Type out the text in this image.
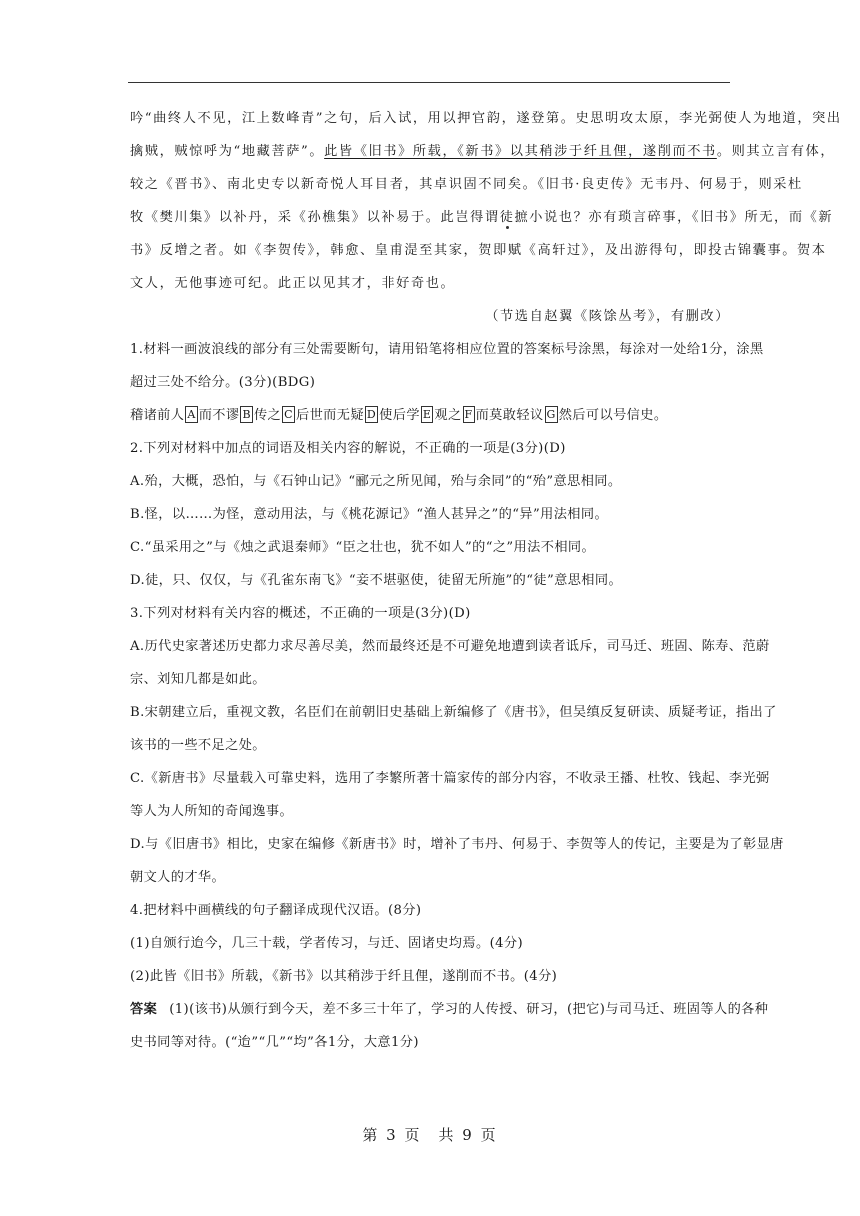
吟“曲终人不见，江上数峰青”之句，后入试，用以押官韵，遂登第。史思明攻太原，李光弼使人为地道，突出
擒贼，贼惊呼为“地藏菩萨”。此皆《旧书》所载，《新书》以其稍涉于纤且俚，遂削而不书。则其立言有体，
较之《晋书》、南北史专以新奇悦人耳目者，其卓识固不同矣。《旧书·良吏传》无韦丹、何易于，则采杜
牧《樊川集》以补丹，采《孙樵集》以补易于。此岂得谓徒摭小说也？亦有琐言碎事，《旧书》所无，而《新
书》反增之者。如《李贺传》，韩愈、皇甫湜至其家，贺即赋《高轩过》，及出游得句，即投古锦囊事。贺本
文人，无他事迹可纪。此正以见其才，非好奇也。
（节选自赵翼《陔馀丛考》，有删改）
1.材料一画波浪线的部分有三处需要断句，请用铅笔将相应位置的答案标号涂黑，每涂对一处给1分，涂黑
超过三处不给分。(3分)(BDG)
稽诸前人 A 而不谬 B 传之 C 后世而无疑 D 使后学 E 观之 F 而莫敢轻议 G 然后可以号信史。
2.下列对材料中加点的词语及相关内容的解说，不正确的一项是(3分)(D)
A.殆，大概，恐怕，与《石钟山记》“郦元之所见闻，殆与余同”的“殆”意思相同。
B.怪，以……为怪，意动用法，与《桃花源记》“渔人甚异之”的“异”用法相同。
C.“虽采用之”与《烛之武退秦师》“臣之壮也，犹不如人”的“之”用法不相同。
D.徒，只、仅仅，与《孔雀东南飞》“妾不堪驱使，徒留无所施”的“徒”意思相同。
3.下列对材料有关内容的概述，不正确的一项是(3分)(D)
A.历代史家著述历史都力求尽善尽美，然而最终还是不可避免地遭到读者诋斥，司马迁、班固、陈寿、范蔚
宗、刘知几都是如此。
B.宋朝建立后，重视文教，名臣们在前朝旧史基础上新编修了《唐书》，但吴缜反复研读、质疑考证，指出了
该书的一些不足之处。
C.《新唐书》尽量载入可靠史料，选用了李繁所著十篇家传的部分内容，不收录王播、杜牧、钱起、李光弼
等人为人所知的奇闻逸事。
D.与《旧唐书》相比，史家在编修《新唐书》时，增补了韦丹、何易于、李贺等人的传记，主要是为了彰显唐
朝文人的才华。
4.把材料中画横线的句子翻译成现代汉语。(8分)
(1)自颁行迨今，几三十载，学者传习，与迁、固诸史均焉。(4分)
(2)此皆《旧书》所载，《新书》以其稍涉于纤且俚，遂削而不书。(4分)
答案 (1)(该书)从颁行到今天，差不多三十年了，学习的人传授、研习，(把它)与司马迁、班固等人的各种
史书同等对待。(“迨”“几”“均”各1分，大意1分)
第 3 页　共 9 页
